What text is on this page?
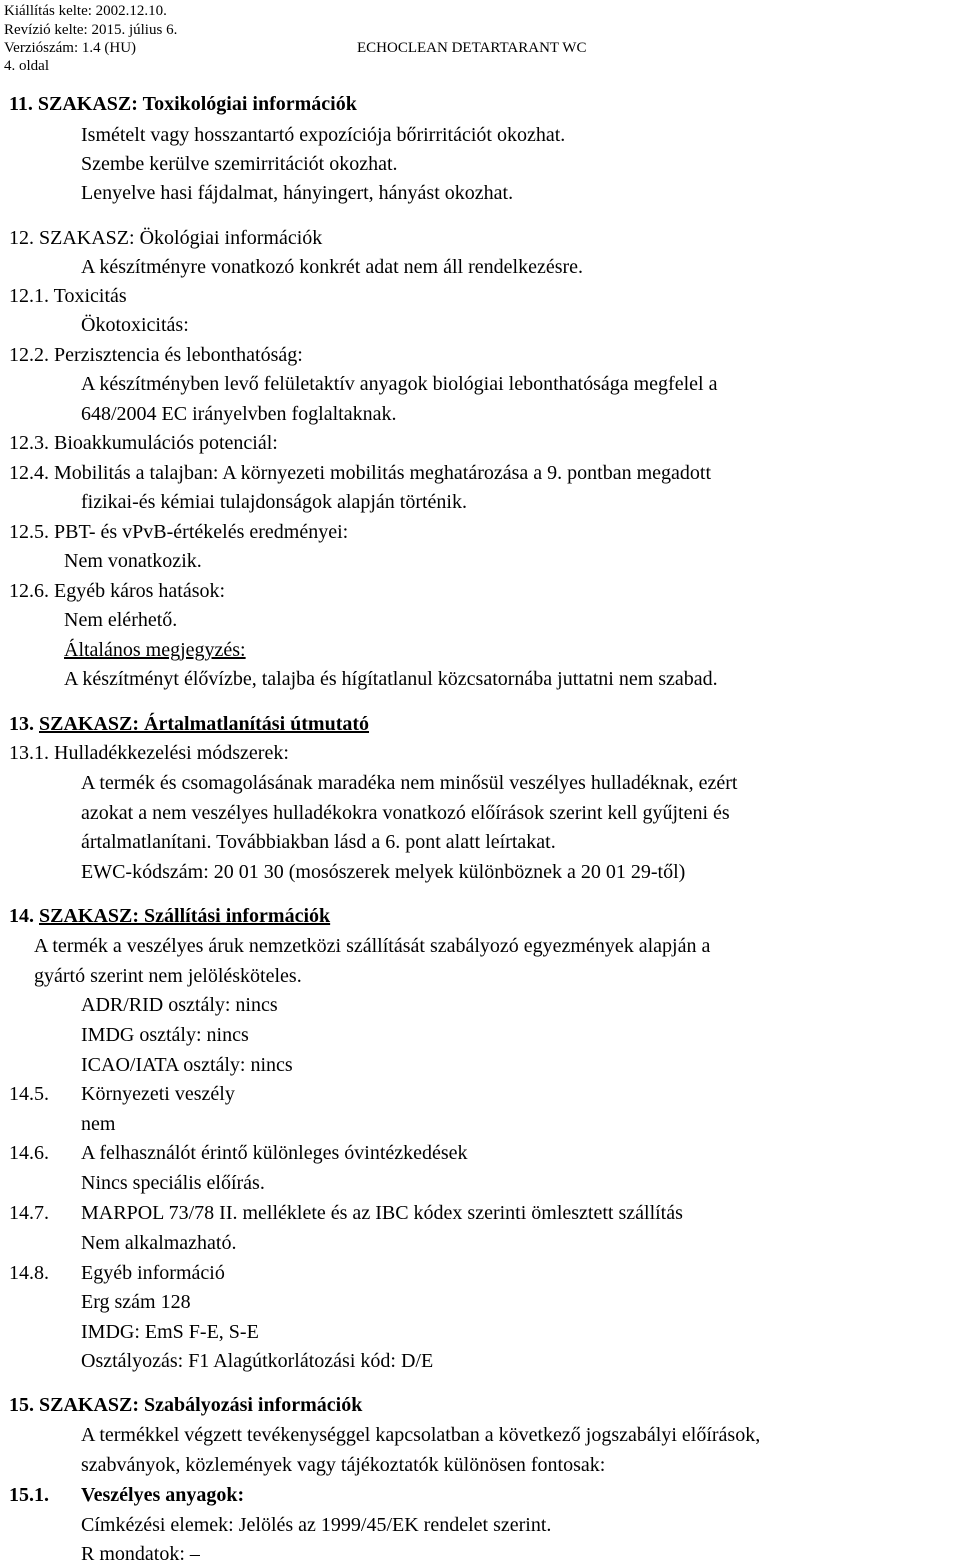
Kiállítás kelte: 2002.12.10.
Revízió kelte: 2015. július 6.
Verziószám: 1.4 (HU)	ECHOCLEAN DETARTARANT WC
4. oldal
11. SZAKASZ: Toxikológiai információk
Ismételt vagy hosszantartó expozíciója bőrirritációt okozhat.
Szembe kerülve szemirritációt okozhat.
Lenyelve hasi fájdalmat, hányingert, hányást okozhat.
12. SZAKASZ: Ökológiai információk
A készítményre vonatkozó konkrét adat nem áll rendelkezésre.
12.1. Toxicitás
Ökotoxicitás:
12.2. Perzisztencia és lebonthatóság:
A készítményben levő felületaktív anyagok biológiai lebonthatósága megfelel a
648/2004 EC irányelvben foglaltaknak.
12.3. Bioakkumulációs potenciál:
12.4. Mobilitás a talajban: A környezeti mobilitás meghatározása a 9. pontban megadott
fizikai-és kémiai tulajdonságok alapján történik.
12.5. PBT- és vPvB-értékelés eredményei:
Nem vonatkozik.
12.6. Egyéb káros hatások:
Nem elérhető.
Általános megjegyzés:
A készítményt élővízbe, talajba és hígítatlanul közcsatornába juttatni nem szabad.
13. SZAKASZ: Ártalmatlanítási útmutató
13.1. Hulladékkezelési módszerek:
A termék és csomagolásának maradéka nem minősül veszélyes hulladéknak, ezért
azokat a nem veszélyes hulladékokra vonatkozó előírások szerint kell gyűjteni és
ártalmatlanítani. Továbbiakban lásd a 6. pont alatt leírtakat.
EWC-kódszám: 20 01 30 (mosószerek melyek különböznek a 20 01 29-től)
14. SZAKASZ: Szállítási információk
A termék a veszélyes áruk nemzetközi szállítását szabályozó egyezmények alapján a
gyártó szerint nem jelölésköteles.
ADR/RID osztály: nincs
IMDG osztály: nincs
ICAO/IATA osztály: nincs
14.5. Környezeti veszély
nem
14.6. A felhasználót érintő különleges óvintézkedések
Nincs speciális előírás.
14.7. MARPOL 73/78 II. melléklete és az IBC kódex szerinti ömlesztett szállítás
Nem alkalmazható.
14.8. Egyéb információ
Erg szám 128
IMDG: EmS F-E, S-E
Osztályozás: F1 Alagútkorlátozási kód: D/E
15. SZAKASZ: Szabályozási információk
A termékkel végzett tevékenységgel kapcsolatban a következő jogszabályi előírások,
szabványok, közlemények vagy tájékoztatók különösen fontosak:
15.1. Veszélyes anyagok:
Címkézési elemek: Jelölés az 1999/45/EK rendelet szerint.
R mondatok: –
